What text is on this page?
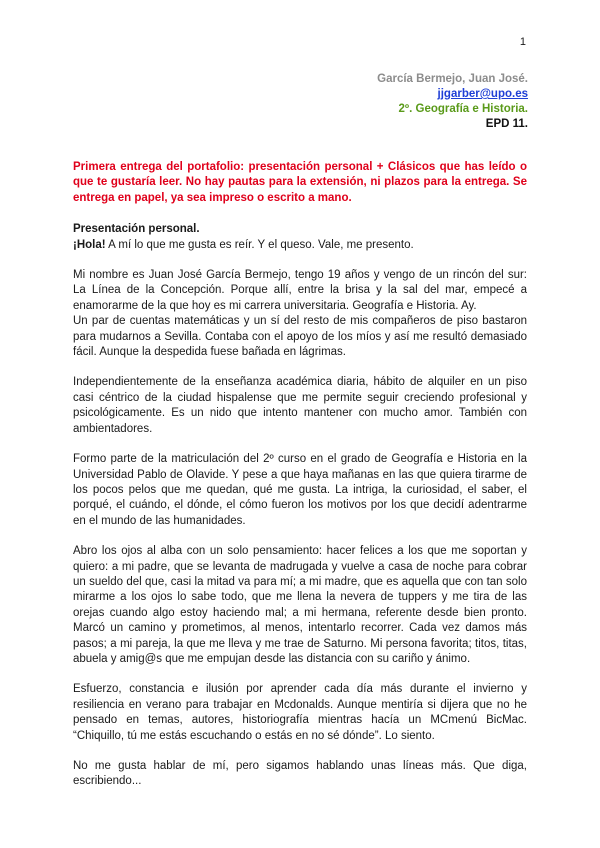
1
García Bermejo, Juan José.
jjgarber@upo.es
2º. Geografía e Historia.
EPD 11.
Primera entrega del portafolio: presentación personal + Clásicos que has leído o que te gustaría leer. No hay pautas para la extensión, ni plazos para la entrega. Se entrega en papel, ya sea impreso o escrito a mano.
Presentación personal.
¡Hola! A mí lo que me gusta es reír. Y el queso. Vale, me presento.

Mi nombre es Juan José García Bermejo, tengo 19 años y vengo de un rincón del sur: La Línea de la Concepción. Porque allí, entre la brisa y la sal del mar, empecé a enamorarme de la que hoy es mi carrera universitaria. Geografía e Historia. Ay.

Un par de cuentas matemáticas y un sí del resto de mis compañeros de piso bastaron para mudarnos a Sevilla. Contaba con el apoyo de los míos y así me resultó demasiado fácil. Aunque la despedida fuese bañada en lágrimas.

Independientemente de la enseñanza académica diaria, hábito de alquiler en un piso casi céntrico de la ciudad hispalense que me permite seguir creciendo profesional y psicológicamente. Es un nido que intento mantener con mucho amor. También con ambientadores.

Formo parte de la matriculación del 2º curso en el grado de Geografía e Historia en la Universidad Pablo de Olavide. Y pese a que haya mañanas en las que quiera tirarme de los pocos pelos que me quedan, qué me gusta. La intriga, la curiosidad, el saber, el porqué, el cuándo, el dónde, el cómo fueron los motivos por los que decidí adentrarme en el mundo de las humanidades.

Abro los ojos al alba con un solo pensamiento: hacer felices a los que me soportan y quiero: a mi padre, que se levanta de madrugada y vuelve a casa de noche para cobrar un sueldo del que, casi la mitad va para mí; a mi madre, que es aquella que con tan solo mirarme a los ojos lo sabe todo, que me llena la nevera de tuppers y me tira de las orejas cuando algo estoy haciendo mal; a mi hermana, referente desde bien pronto. Marcó un camino y prometimos, al menos, intentarlo recorrer. Cada vez damos más pasos; a mi pareja, la que me lleva y me trae de Saturno. Mi persona favorita; titos, titas, abuela y amig@s que me empujan desde las distancia con su cariño y ánimo.

Esfuerzo, constancia e ilusión por aprender cada día más durante el invierno y resiliencia en verano para trabajar en Mcdonalds. Aunque mentiría si dijera que no he pensado en temas, autores, historiografía mientras hacía un MCmenú BicMac. “Chiquillo, tú me estás escuchando o estás en no sé dónde”. Lo siento.

No me gusta hablar de mí, pero sigamos hablando unas líneas más. Que diga, escribiendo...
